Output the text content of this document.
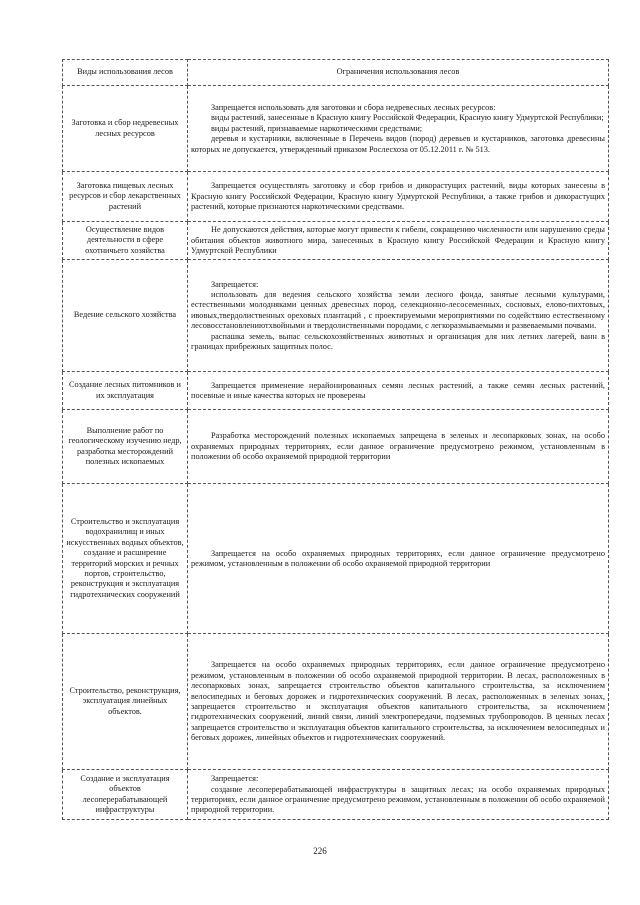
Виды использования лесов	Ограничения использования лесов
Заготовка и сбор недревесных лесных ресурсов	Запрещается использовать для заготовки и сбора недревесных лесных ресурсов:

виды растений, занесенные в Красную книгу Российской Федерации, Красную книгу Удмуртской Республики;

виды растений, признаваемые наркотическими средствами;

деревья и кустарники, включенные в Перечень видов (пород) деревьев и кустарников, заготовка древесины которых не допускается, утвержденный приказом Рослесхоза от 05.12.2011 г. № 513.

Заготовка пищевых лесных ресурсов и сбор лекарственных растений	Запрещается осуществлять заготовку и сбор грибов и дикорастущих растений, виды которых занесены в Красную книгу Российской Федерации, Красную книгу Удмуртской Республики, а также грибов и дикорастущих растений, которые признаются наркотическими средствами.

Осуществление видов деятельности в сфере охотничьего хозяйства	Не допускаются действия, которые могут привести к гибели, сокращению численности или нарушению среды обитания объектов животного мира, занесенных в Красную книгу Российской Федерации и Красную книгу Удмуртской Республики

Ведение сельского хозяйства	Запрещается:

использовать для ведения сельского хозяйства земли лесного фонда, занятые лесными культурами, естественными молодняками ценных древесных пород, селекционно-лесосеменных, сосновых, елово-пихтовых, ивовых,твердолиственных ореховых плантаций , с проектируемыми мероприятиями по содействию естественному лесовосстановлениютхвойными и твердолиственными породами, с легкоразмываемыми и развеваемыми почвами.

распашка земель, выпас сельскохозяйственных животных и организация для них летних лагерей, ванн в границах прибрежных защитных полос.

Создание лесных питомников и их эксплуатация	Запрещается применение нерайонированных семян лесных растений, а также семян лесных растений, посевные и иные качества которых не проверены

Выполнение работ по геологическому изучению недр, разработка месторождений полезных ископаемых	Разработка месторождений полезных ископаемых запрещена в зеленых и лесопарковых зонах, на особо охраняемых природных территориях, если данное ограничение предусмотрено режимом, установленным в положении об особо охраняемой природной территории

Строительство и эксплуатация водохранилищ и иных искусственных водных объектов, создание и расширение территорий морских и речных портов, строительство, реконструкция и эксплуатация гидротехнических сооружений	Запрещается на особо охраняемых природных территориях, если данное ограничение предусмотрено режимом, установленным в положении об особо охраняемой природной территории

Строительство, реконструкция, эксплуатация линейных объектов.	Запрещается на особо охраняемых природных территориях, если данное ограничение предусмотрено режимом, установленным в положении об особо охраняемой природной территории. В лесах, расположенных в лесопарковых зонах, запрещается строительство объектов капитального строительства, за исключением велосипедных и беговых дорожек и гидротехнических сооружений. В лесах, расположенных в зеленых зонах, запрещается строительство и эксплуатация объектов капитального строительства, за исключением гидротехнических сооружений, линий связи, линий электропередачи, подземных трубопроводов. В ценных лесах запрещается строительство и эксплуатация объектов капитального строительства, за исключением велосипедных и беговых дорожек, линейных объектов и гидротехнических сооружений.

Создание и эксплуатация объектов лесоперерабатывающей инфраструктуры	Запрещается:

создание лесоперерабатывающей инфраструктуры в защитных лесах; на особо охраняемых природных территориях, если данное ограничение предусмотрено режимом, установленным в положении об особо охраняемой природной территории.

226
